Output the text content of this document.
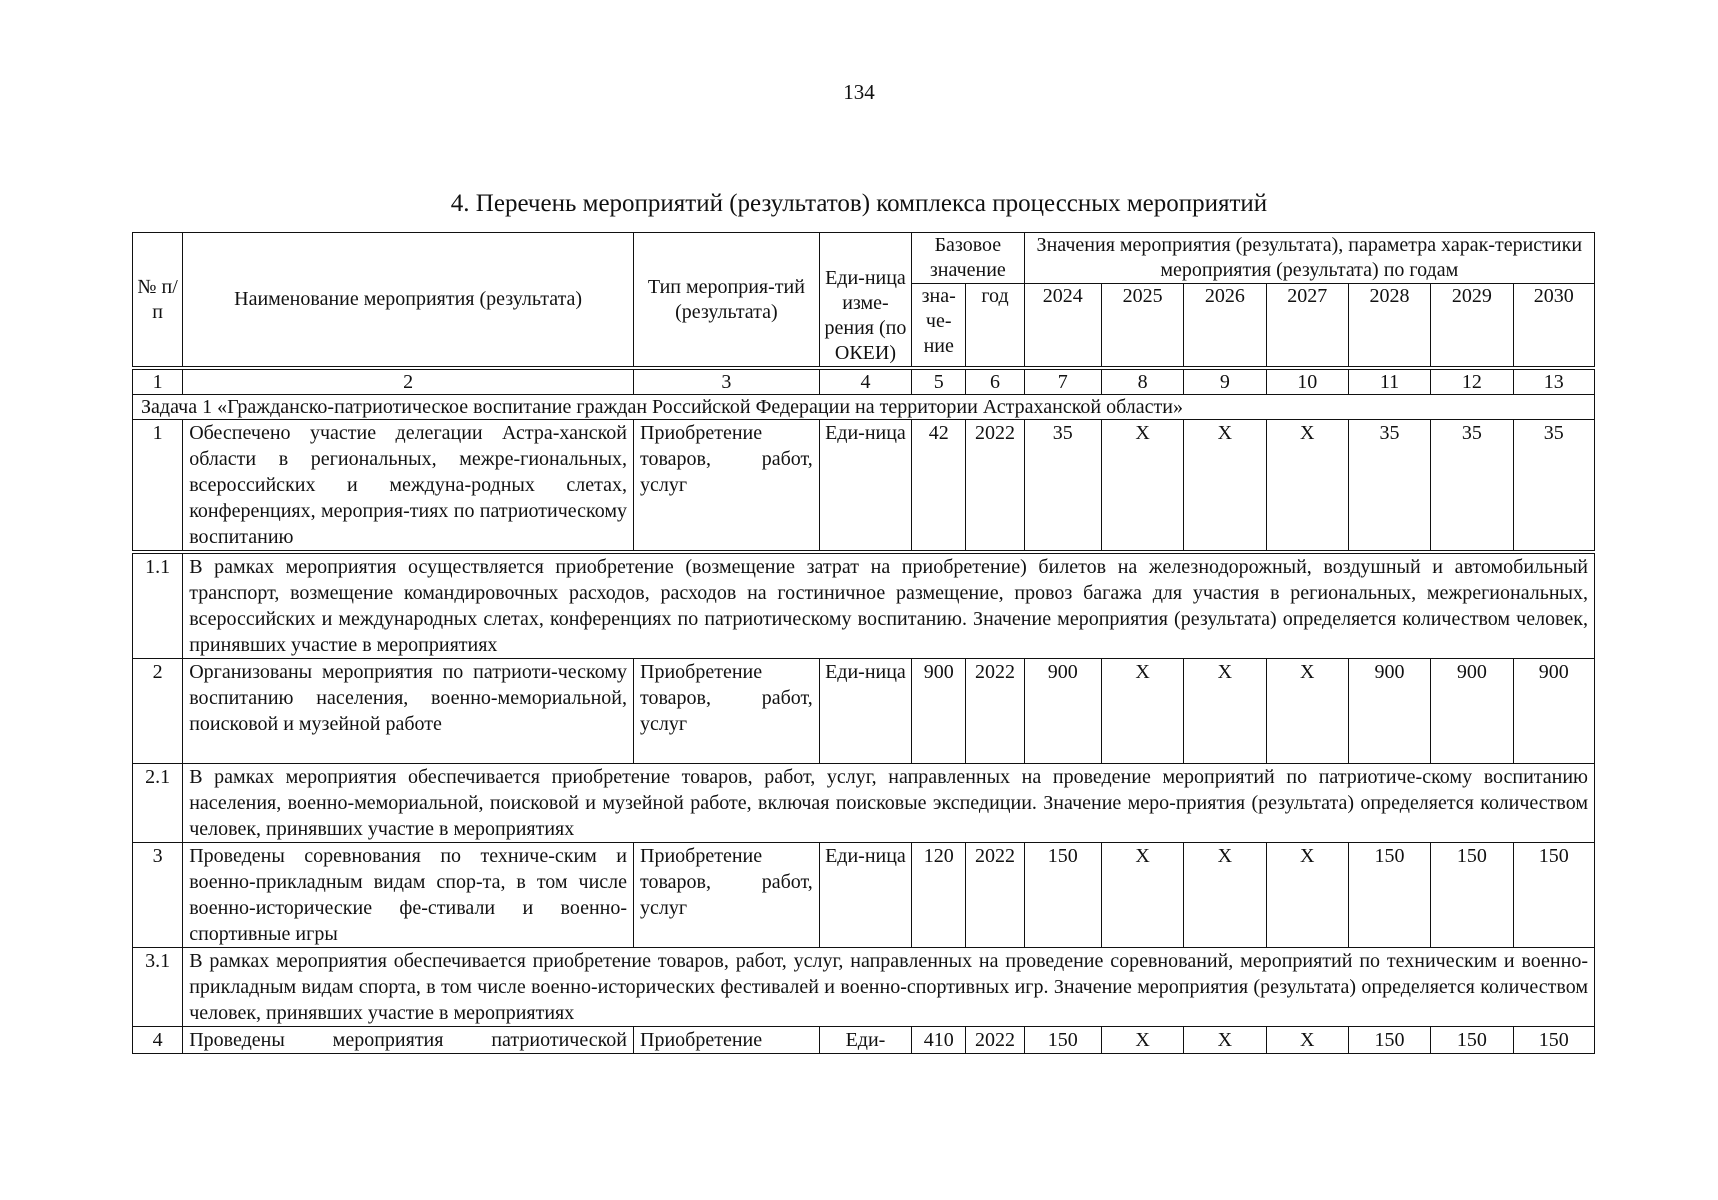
134
4. Перечень мероприятий (результатов) комплекса процессных мероприятий
№ п/п	Наименование мероприятия (результата)	Тип мероприя-тий (результата)	Еди-ница изме-рения (по ОКЕИ)	Базовое значение		Значения мероприятия (результата), параметра харак-теристики мероприятия (результата) по годам						
						2024	2025	2026	2027	2028	2029	2030
				зна-че-ние	год							
1	2	3	4	5	6	7	8	9	10	11	12	13
Задача 1 «Гражданско-патриотическое воспитание граждан Российской Федерации на территории Астраханской области»												
1	Обеспечено участие делегации Астра-ханской области в региональных, межре-гиональных, всероссийских и междуна-родных слетах, конференциях, мероприя-тиях по патриотическому воспитанию	Приобретение товаров, работ, услуг	Еди-ница	42	2022	35	X	X	X	35	35	35
1.1	В рамках мероприятия осуществляется приобретение (возмещение затрат на приобретение) билетов на железнодорожный, воздушный и автомобильный транспорт, возмещение командировочных расходов, расходов на гостиничное размещение, провоз багажа для участия в региональных, межрегиональных, всероссийских и международных слетах, конференциях по патриотическому воспитанию. Значение мероприятия (результата) определяется количеством человек, принявших участие в мероприятиях											
2	Организованы мероприятия по патриоти-ческому воспитанию населения, военно-мемориальной, поисковой и музейной работе	Приобретение товаров, работ, услуг	Еди-ница	900	2022	900	X	X	X	900	900	900
2.1	В рамках мероприятия обеспечивается приобретение товаров, работ, услуг, направленных на проведение мероприятий по патриотиче-скому воспитанию населения, военно-мемориальной, поисковой и музейной работе, включая поисковые экспедиции. Значение меро-приятия (результата) определяется количеством человек, принявших участие в мероприятиях											
3	Проведены соревнования по техниче-ским и военно-прикладным видам спор-та, в том числе военно-исторические фе-стивали и военно-спортивные игры	Приобретение товаров, работ, услуг	Еди-ница	120	2022	150	X	X	X	150	150	150
3.1	В рамках мероприятия обеспечивается приобретение товаров, работ, услуг, направленных на проведение соревнований, мероприятий по техническим и военно-прикладным видам спорта, в том числе военно-исторических фестивалей и военно-спортивных игр. Значение мероприятия (результата) определяется количеством человек, принявших участие в мероприятиях											
4	Проведены мероприятия патриотической	Приобретение	Еди-	410	2022	150	X	X	X	150	150	150
